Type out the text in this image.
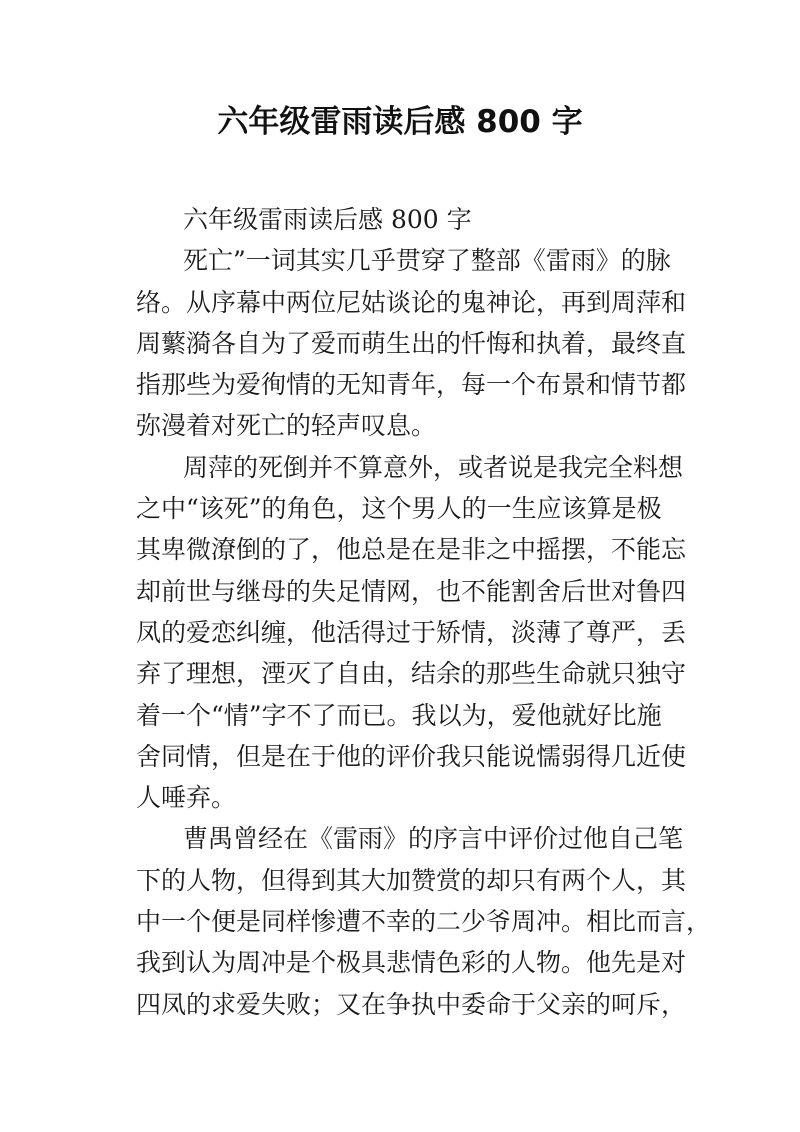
六年级雷雨读后感 800 字
六年级雷雨读后感 800 字
死亡”一词其实几乎贯穿了整部《雷雨》的脉
络。从序幕中两位尼姑谈论的鬼神论，再到周萍和
周蘩漪各自为了爱而萌生出的忏悔和执着，最终直
指那些为爱徇情的无知青年，每一个布景和情节都
弥漫着对死亡的轻声叹息。
周萍的死倒并不算意外，或者说是我完全料想
之中“该死”的角色，这个男人的一生应该算是极
其卑微潦倒的了，他总是在是非之中摇摆，不能忘
却前世与继母的失足情网，也不能割舍后世对鲁四
凤的爱恋纠缠，他活得过于矫情，淡薄了尊严，丢
弃了理想，湮灭了自由，结余的那些生命就只独守
着一个“情”字不了而已。我以为，爱他就好比施
舍同情，但是在于他的评价我只能说懦弱得几近使
人唾弃。
曹禺曾经在《雷雨》的序言中评价过他自己笔
下的人物，但得到其大加赞赏的却只有两个人，其
中一个便是同样惨遭不幸的二少爷周冲。相比而言，
我到认为周冲是个极具悲情色彩的人物。他先是对
四凤的求爱失败；又在争执中委命于父亲的呵斥，
